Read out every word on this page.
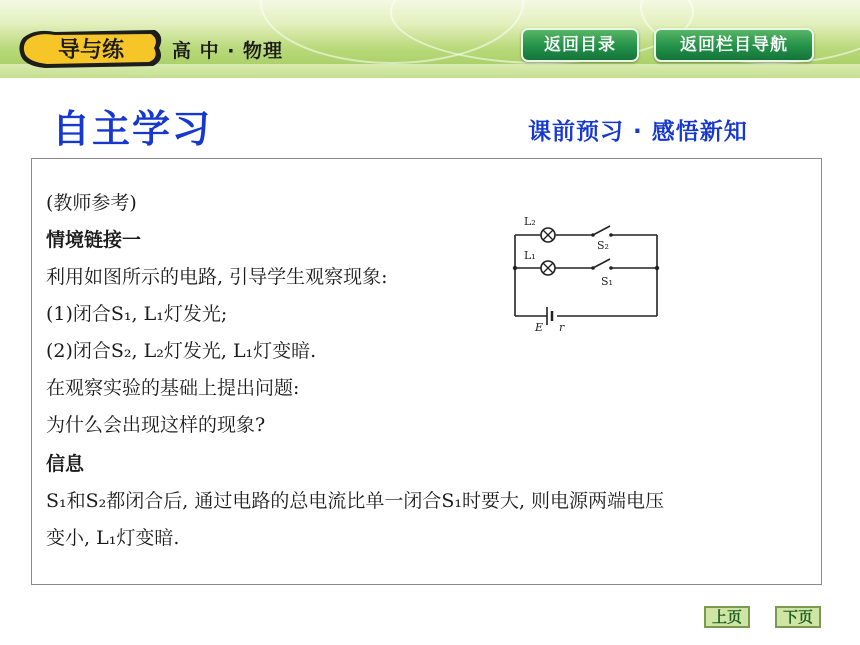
导与练	高 中 · 物理	返回目录	返回栏目导航
自主学习	课前预习 · 感悟新知
(教师参考)
情境链接一
利用如图所示的电路, 引导学生观察现象:
(1)闭合S₁, L₁灯发光;
(2)闭合S₂, L₂灯发光, L₁灯变暗.
在观察实验的基础上提出问题:
为什么会出现这样的现象?
信息
S₁和S₂都闭合后, 通过电路的总电流比单一闭合S₁时要大, 则电源两端电压
变小, L₁灯变暗.
L₂
L₁
S₂
S₁
E r
上页	下页
